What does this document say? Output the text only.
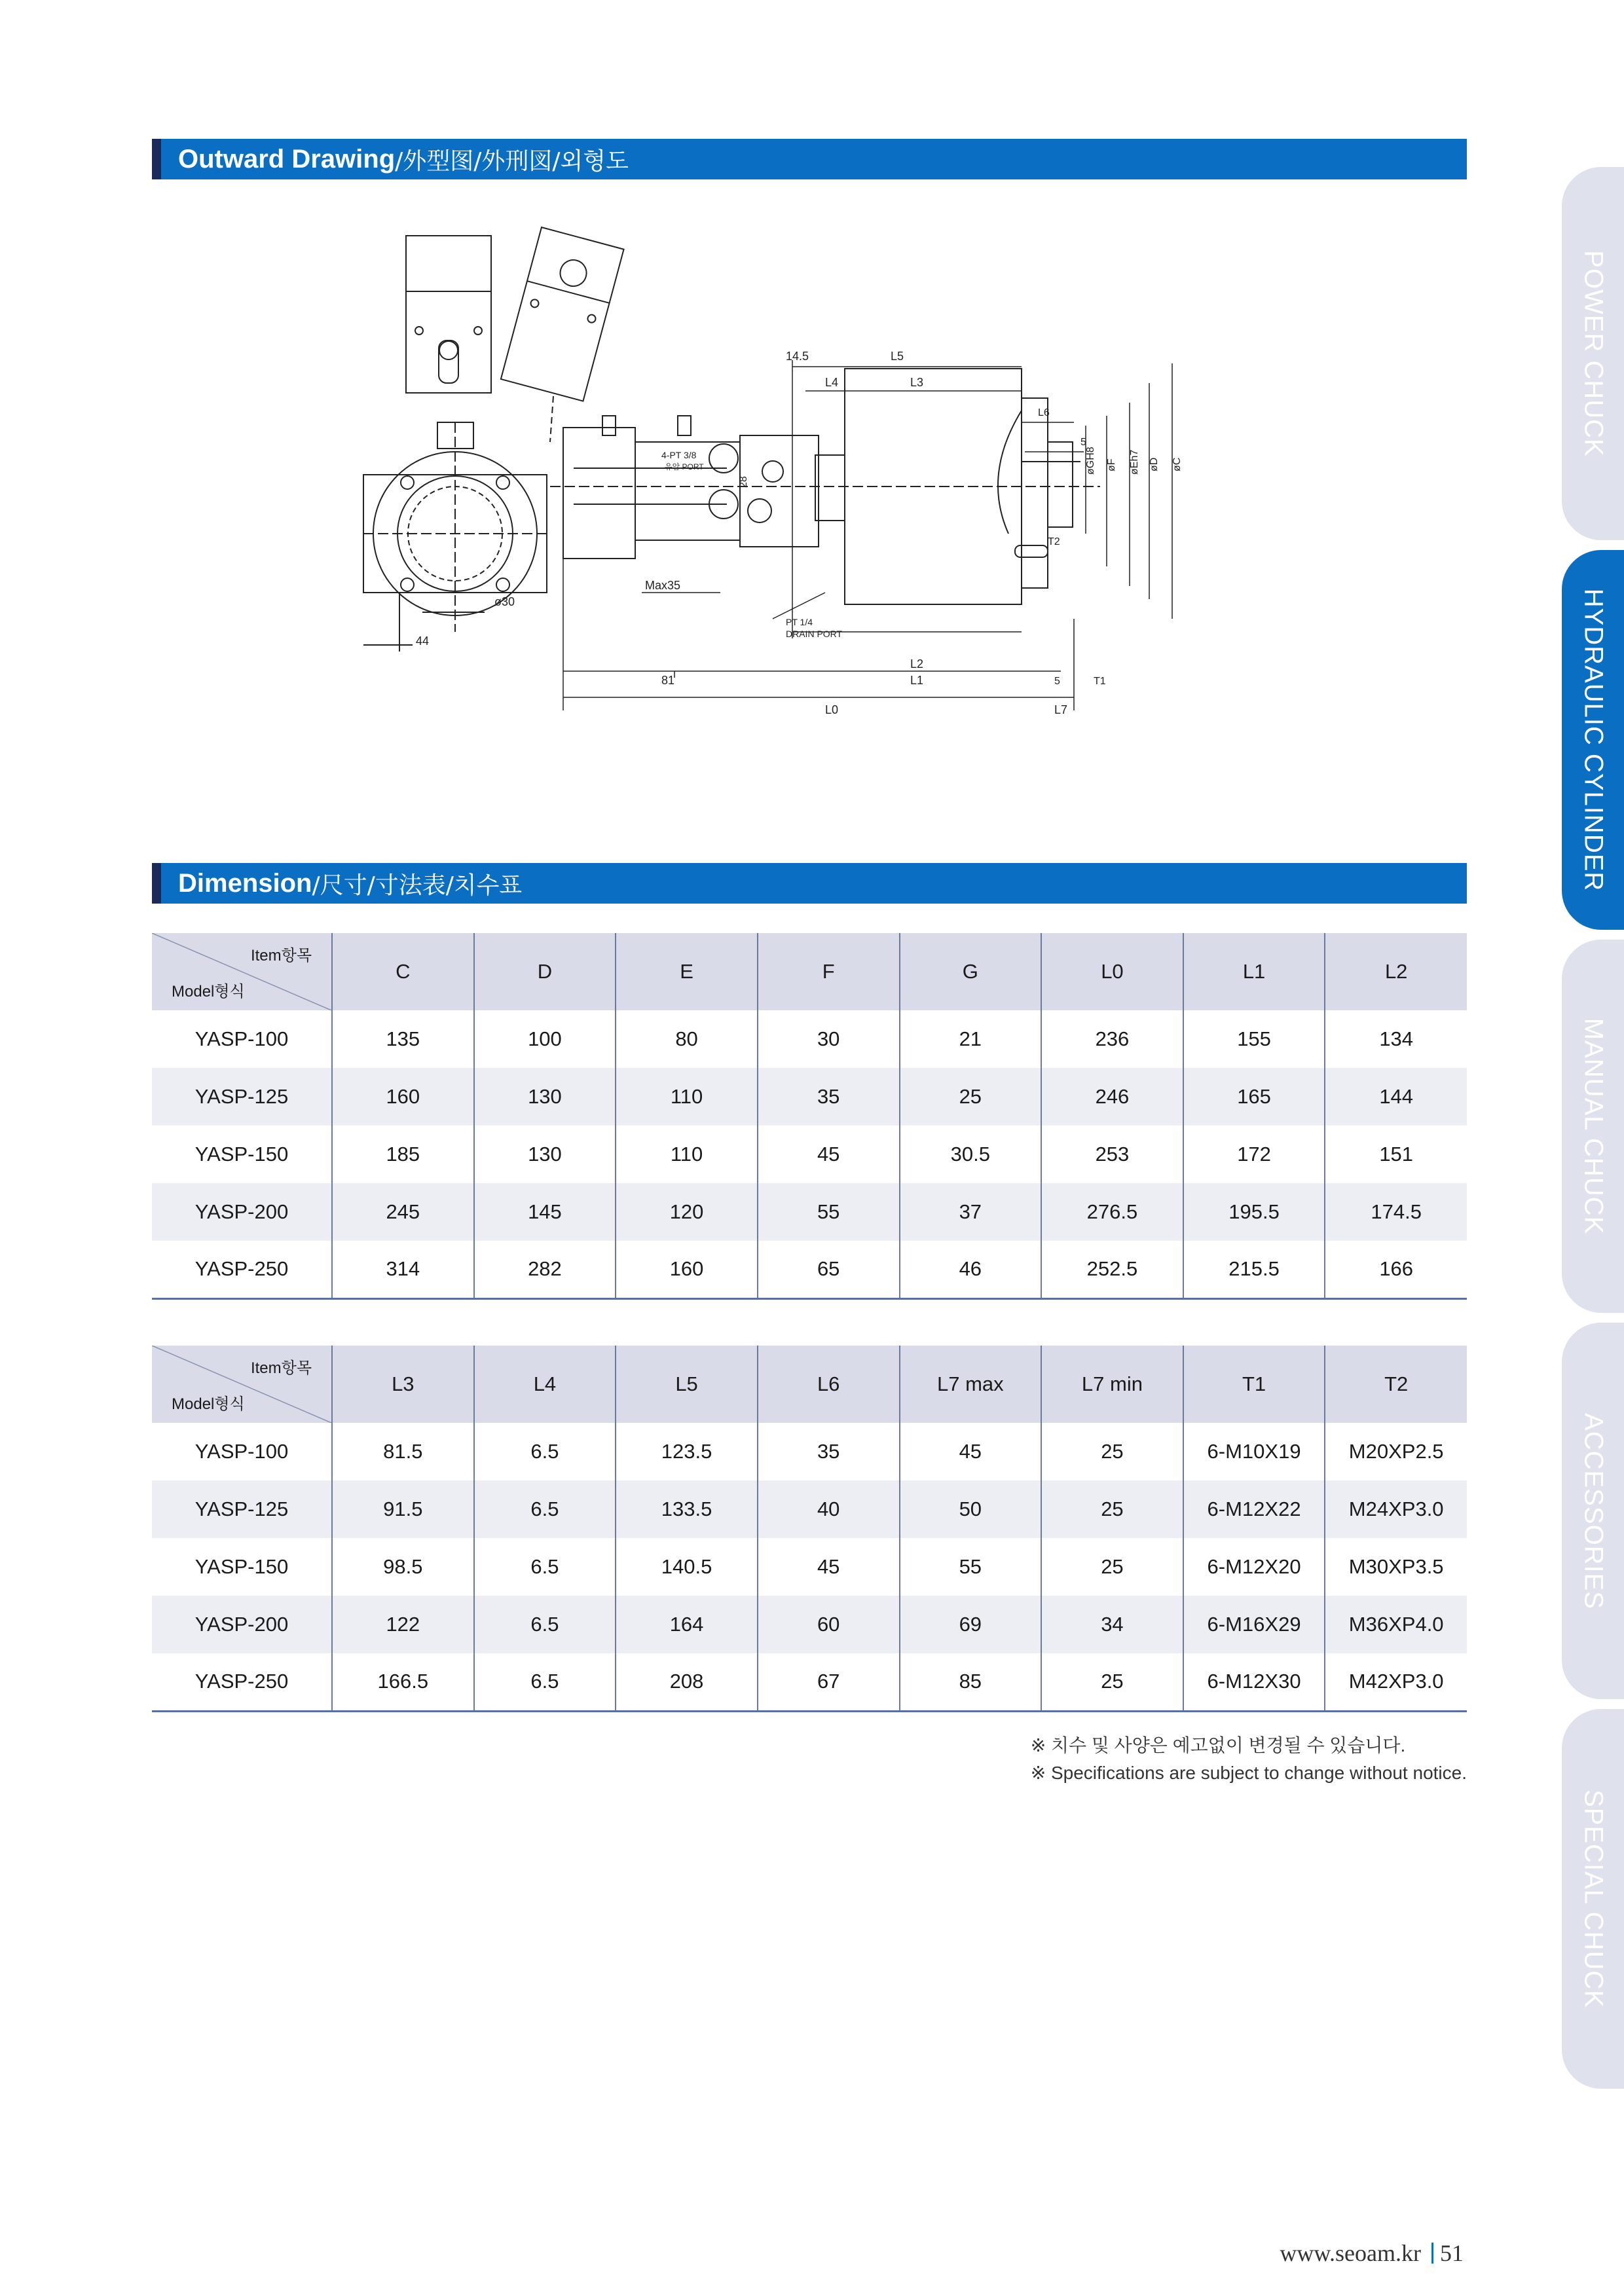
Outward Drawing /外型图/外刑図/외형도
ø30
44
4-PT 3/8
유압 PORT
PT 1/4
DRAIN PORT
14.5	L5
L4	L3
L6
5
øGH8 øF øEh7 øD øC
T2
T1
Max35
28
81
L2
L1	5
L0	L7
Dimension /尺寸/寸法表/치수표
Item항목
Model형식	C	D	E	F	G	L0	L1	L2
YASP-100	135	100	80	30	21	236	155	134
YASP-125	160	130	110	35	25	246	165	144
YASP-150	185	130	110	45	30.5	253	172	151
YASP-200	245	145	120	55	37	276.5	195.5	174.5
YASP-250	314	282	160	65	46	252.5	215.5	166
Item항목
Model형식	L3	L4	L5	L6	L7 max	L7 min	T1	T2
YASP-100	81.5	6.5	123.5	35	45	25	6-M10X19	M20XP2.5
YASP-125	91.5	6.5	133.5	40	50	25	6-M12X22	M24XP3.0
YASP-150	98.5	6.5	140.5	45	55	25	6-M12X20	M30XP3.5
YASP-200	122	6.5	164	60	69	34	6-M16X29	M36XP4.0
YASP-250	166.5	6.5	208	67	85	25	6-M12X30	M42XP3.0
※ 치수 및 사양은 예고없이 변경될 수 있습니다.
※ Specifications are subject to change without notice.
POWER CHUCK
HYDRAULIC CYLINDER
MANUAL CHUCK
ACCESSORIES
SPECIAL CHUCK
www.seoam.kr 51
